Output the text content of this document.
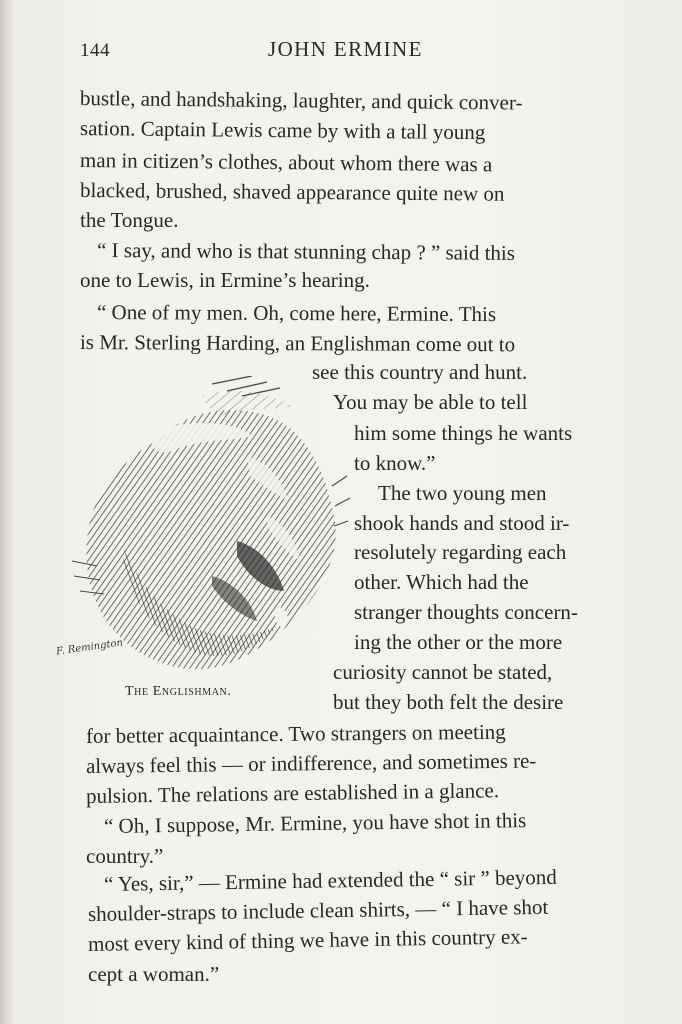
144	JOHN ERMINE
bustle, and handshaking, laughter, and quick conver-
sation. Captain Lewis came by with a tall young
man in citizen’s clothes, about whom there was a
blacked, brushed, shaved appearance quite new on
the Tongue.
“ I say, and who is that stunning chap ? ” said this
one to Lewis, in Ermine’s hearing.
“ One of my men. Oh, come here, Ermine. This
is Mr. Sterling Harding, an Englishman come out to
see this country and hunt.
You may be able to tell
him some things he wants
to know.”
The two young men
shook hands and stood ir-
resolutely regarding each
other. Which had the
stranger thoughts concern-
ing the other or the more
curiosity cannot be stated,
but they both felt the desire
for better acquaintance. Two strangers on meeting
always feel this — or indifference, and sometimes re-
pulsion. The relations are established in a glance.
“ Oh, I suppose, Mr. Ermine, you have shot in this
country.”
“ Yes, sir,” — Ermine had extended the “ sir ” beyond
shoulder-straps to include clean shirts, — “ I have shot
most every kind of thing we have in this country ex-
cept a woman.”
F. Remington
The Englishman.
